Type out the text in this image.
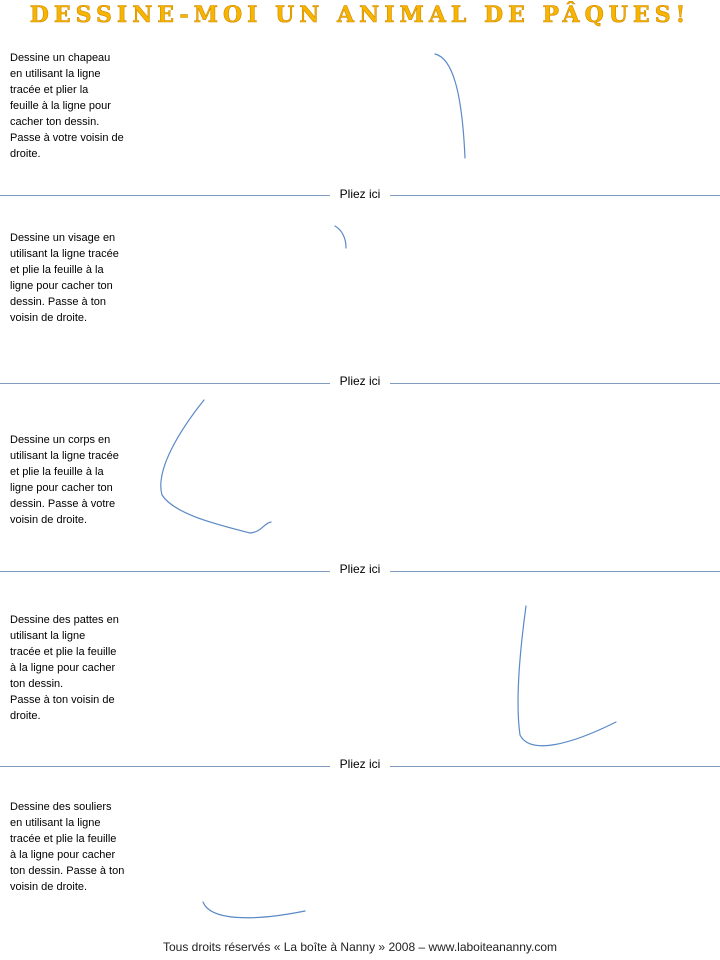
DESSINE-MOI UN ANIMAL DE PÂQUES!
Dessine un chapeau
en utilisant la ligne
tracée et plier la
feuille à la ligne pour
cacher ton dessin.
Passe à votre voisin de
droite.
Dessine un visage en
utilisant la ligne tracée
et plie la feuille à la
ligne pour cacher ton
dessin. Passe à ton
voisin de droite.
Dessine un corps en
utilisant la ligne tracée
et plie la feuille à la
ligne pour cacher ton
dessin. Passe à votre
voisin de droite.
Dessine des pattes en
utilisant la ligne
tracée et plie la feuille
à la ligne pour cacher
ton dessin.
Passe à ton voisin de
droite.
Dessine des souliers
en utilisant la ligne
tracée et plie la feuille
à la ligne pour cacher
ton dessin. Passe à ton
voisin de droite.
Pliez ici
Pliez ici
Pliez ici
Pliez ici
Tous droits réservés « La boîte à Nanny » 2008 – www.laboiteananny.com
